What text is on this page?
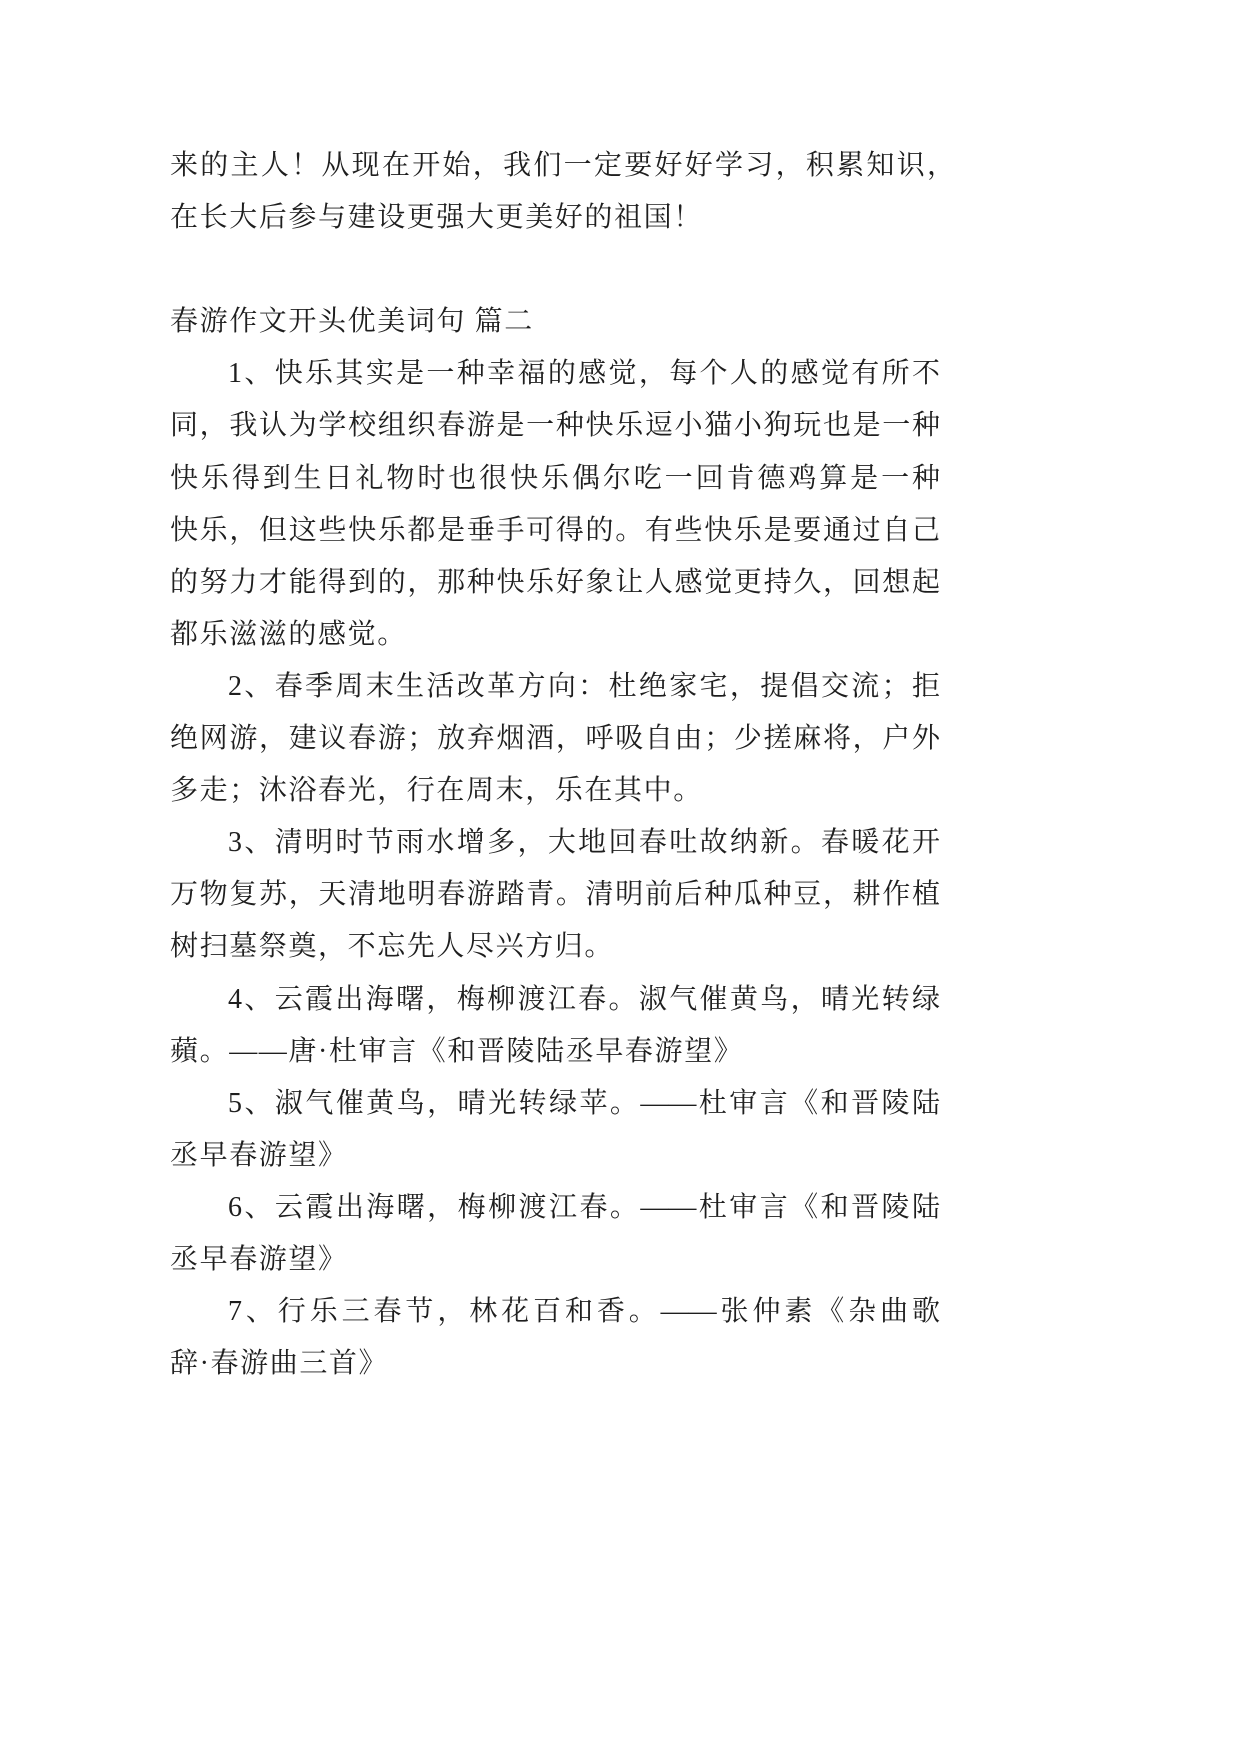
来的主人！从现在开始，我们一定要好好学习，积累知识，
在长大后参与建设更强大更美好的祖国！
春游作文开头优美词句 篇二
1、快乐其实是一种幸福的感觉，每个人的感觉有所不
同，我认为学校组织春游是一种快乐逗小猫小狗玩也是一种
快乐得到生日礼物时也很快乐偶尔吃一回肯德鸡算是一种
快乐，但这些快乐都是垂手可得的。有些快乐是要通过自己
的努力才能得到的，那种快乐好象让人感觉更持久，回想起
都乐滋滋的感觉。
2、春季周末生活改革方向：杜绝家宅，提倡交流；拒
绝网游，建议春游；放弃烟酒，呼吸自由；少搓麻将，户外
多走；沐浴春光，行在周末，乐在其中。
3、清明时节雨水增多，大地回春吐故纳新。春暖花开
万物复苏，天清地明春游踏青。清明前后种瓜种豆，耕作植
树扫墓祭奠，不忘先人尽兴方归。
4、云霞出海曙，梅柳渡江春。淑气催黄鸟，晴光转绿
蘋。——唐·杜审言《和晋陵陆丞早春游望》
5、淑气催黄鸟，晴光转绿苹。——杜审言《和晋陵陆
丞早春游望》
6、云霞出海曙，梅柳渡江春。——杜审言《和晋陵陆
丞早春游望》
7、行乐三春节，林花百和香。——张仲素《杂曲歌
辞·春游曲三首》
